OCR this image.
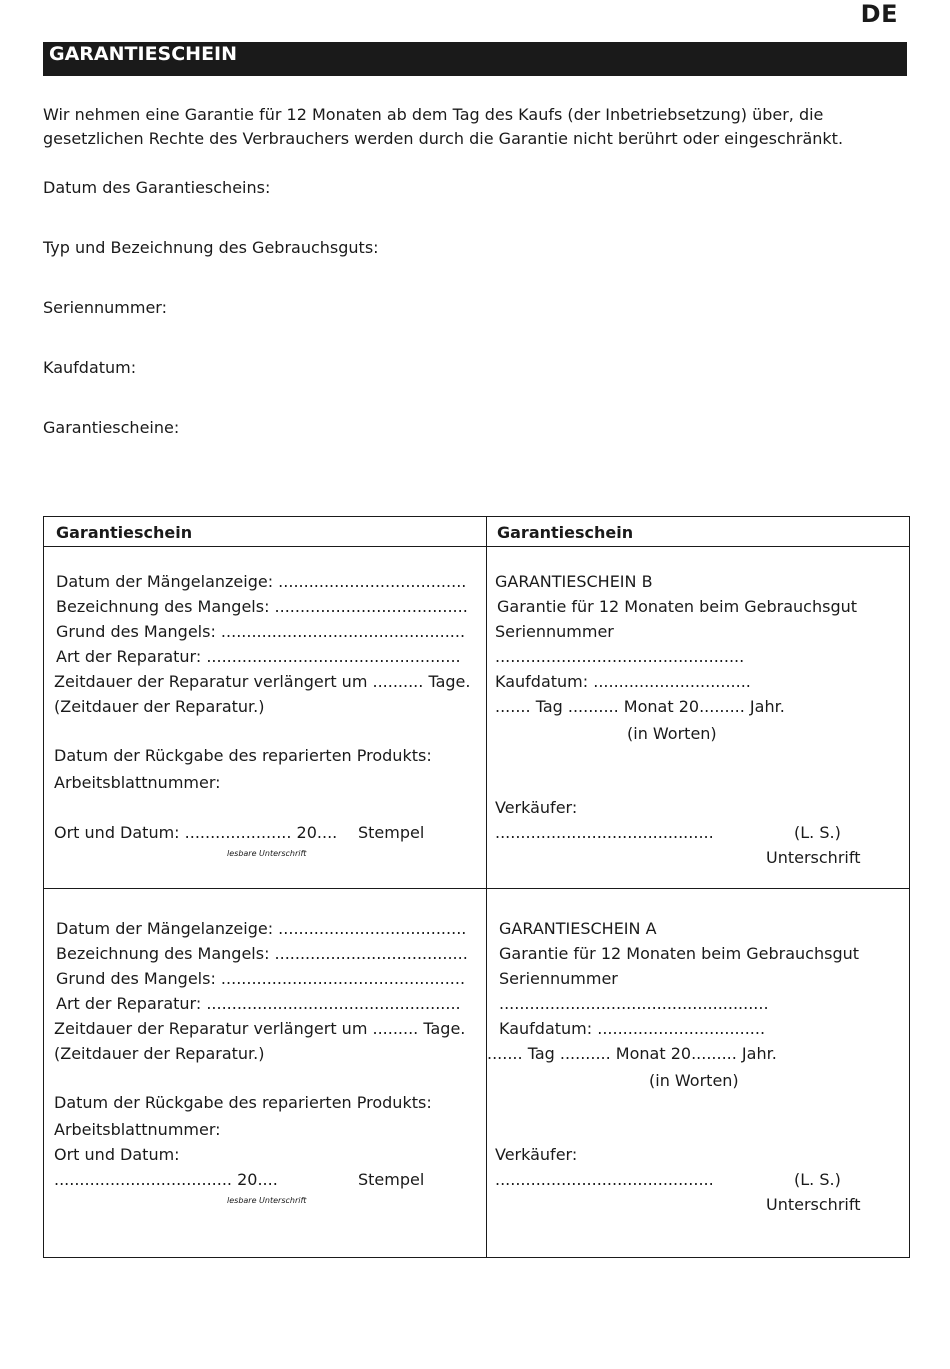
DE
GARANTIESCHEIN
Wir nehmen eine Garantie für 12 Monaten ab dem Tag des Kaufs (der Inbetriebsetzung) über, die gesetzlichen Rechte des Verbrauchers werden durch die Garantie nicht berührt oder eingeschränkt.
Datum des Garantiescheins:
Typ und Bezeichnung des Gebrauchsguts:
Seriennummer:
Kaufdatum:
Garantiescheine:
Garantieschein	Garantieschein
Datum der Mängelanzeige: .....................................
Bezeichnung des Mangels: ......................................
Grund des Mangels: ................................................
Art der Reparatur: ..................................................
Zeitdauer der Reparatur verlängert um .......... Tage.
(Zeitdauer der Reparatur.)
Datum der Rückgabe des reparierten Produkts:
Arbeitsblattnummer:
Ort und Datum: ..................... 20.... Stempel
lesbare Unterschrift
GARANTIESCHEIN B
Garantie für 12 Monaten beim Gebrauchsgut
Seriennummer
.................................................
Kaufdatum: ...............................
....... Tag .......... Monat 20......... Jahr.
(in Worten)
Verkäufer:
...........................................	(L. S.)
Unterschrift
Datum der Mängelanzeige: .....................................
Bezeichnung des Mangels: ......................................
Grund des Mangels: ................................................
Art der Reparatur: ..................................................
Zeitdauer der Reparatur verlängert um ......... Tage.
(Zeitdauer der Reparatur.)
Datum der Rückgabe des reparierten Produkts:
Arbeitsblattnummer:
Ort und Datum:
................................... 20....	Stempel
lesbare Unterschrift
GARANTIESCHEIN A
Garantie für 12 Monaten beim Gebrauchsgut
Seriennummer
.....................................................
Kaufdatum: .................................
....... Tag .......... Monat 20......... Jahr.
(in Worten)
Verkäufer:
...........................................	(L. S.)
Unterschrift
